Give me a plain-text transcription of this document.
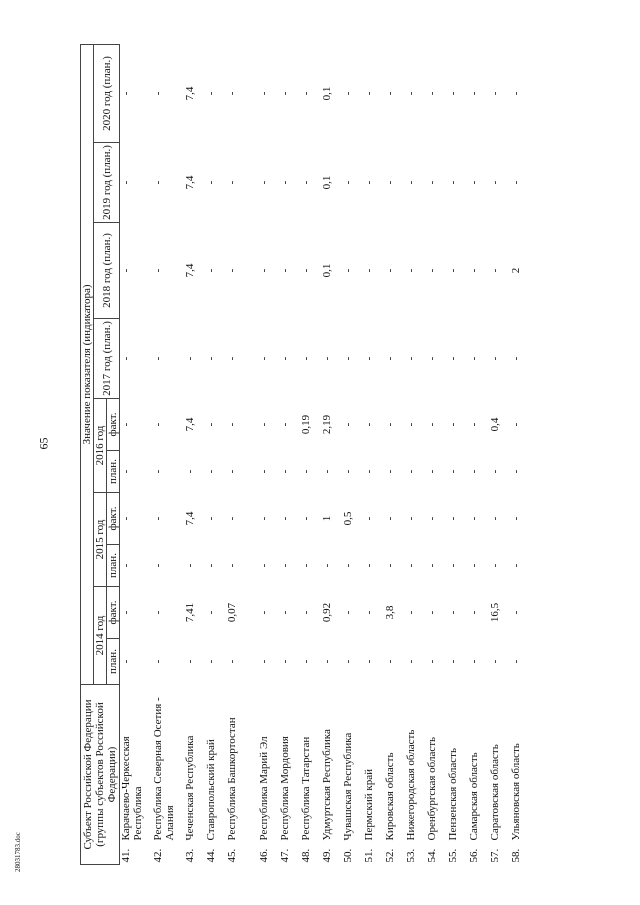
65
28031783.doc
Субъект Российской Федерации (группы субъектов Российской Федерации)	Значение показателя (индикатора)									
	2014 год		2015 год		2016 год		2017 год (план.)	2018 год (план.)	2019 год (план.)	2020 год (план.)
	план.	факт.	план.	факт.	план.	факт.				
41.Карачаево-Черкесская Республика	-	-	-	-	-	-	-	-	-	-
42.Республика Северная Осетия - Алания	-	-	-	-	-	-	-	-	-	-
43.Чеченская Республика	-	7,41	-	7,4	-	7,4	-	7,4	7,4	7,4
44.Ставропольский край	-	-	-	-	-	-	-	-	-	-
45.Республика Башкортостан	-	0,07	-	-	-	-	-	-	-	-
46.Республика Марий Эл	-	-	-	-	-	-	-	-	-	-
47.Республика Мордовия	-	-	-	-	-	-	-	-	-	-
48.Республика Татарстан	-	-	-	-	-	0,19	-	-	-	-
49.Удмуртская Республика	-	0,92	-	1	-	2,19	-	0,1	0,1	0,1
50.Чувашская Республика	-	-	-	0,5	-	-	-	-	-	-
51.Пермский край	-	-	-	-	-	-	-	-	-	-
52.Кировская область	-	3,8	-	-	-	-	-	-	-	-
53.Нижегородская область	-	-	-	-	-	-	-	-	-	-
54.Оренбургская область	-	-	-	-	-	-	-	-	-	-
55.Пензенская область	-	-	-	-	-	-	-	-	-	-
56.Самарская область	-	-	-	-	-	-	-	-	-	-
57.Саратовская область	-	16,5	-	-	-	0,4	-	-	-	-
58.Ульяновская область	-	-	-	-	-	-	-	2	-	-
